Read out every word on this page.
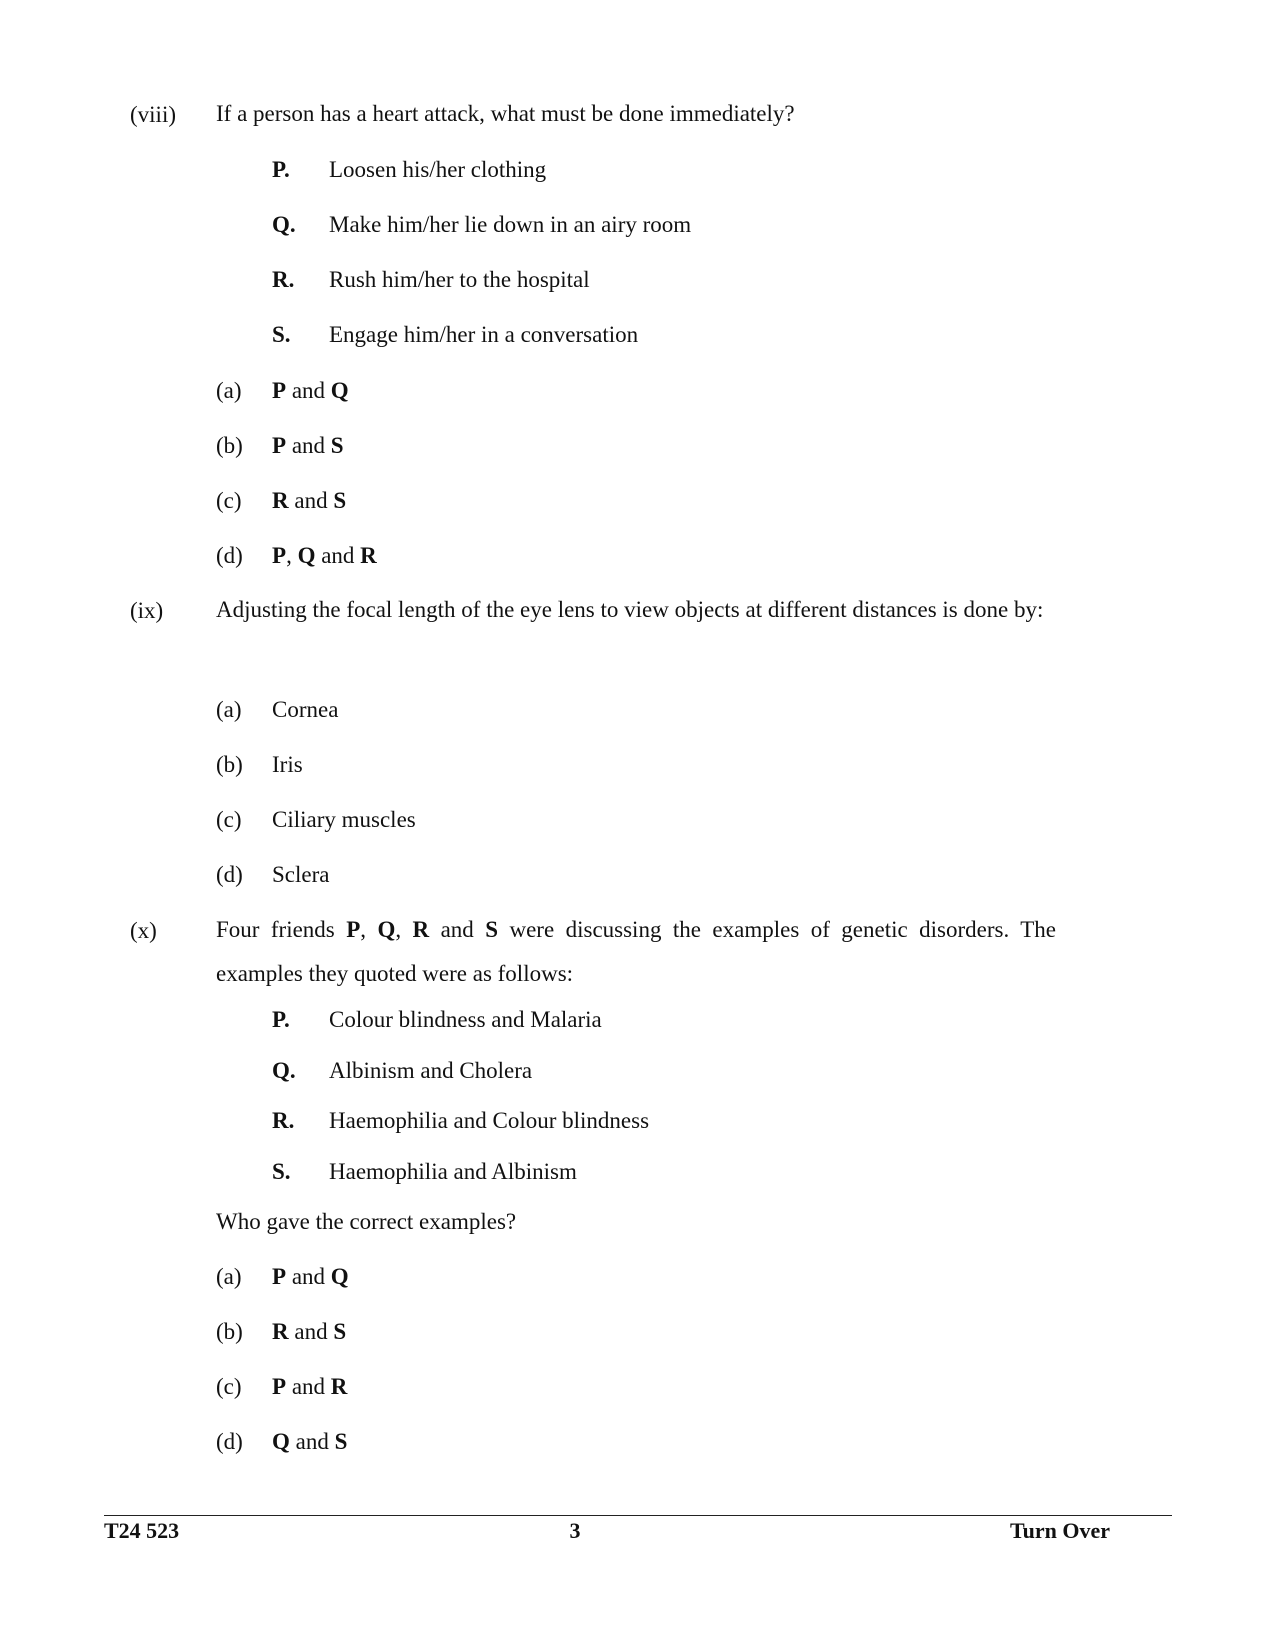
(viii) If a person has a heart attack, what must be done immediately?
P. Loosen his/her clothing
Q. Make him/her lie down in an airy room
R. Rush him/her to the hospital
S. Engage him/her in a conversation
(a) P and Q
(b) P and S
(c) R and S
(d) P, Q and R
(ix) Adjusting the focal length of the eye lens to view objects at different distances is done by:
(a) Cornea
(b) Iris
(c) Ciliary muscles
(d) Sclera
(x)	Four friends P, Q, R and S were discussing the examples of genetic disorders. The examples they quoted were as follows:
P. Colour blindness and Malaria
Q. Albinism and Cholera
R. Haemophilia and Colour blindness
S. Haemophilia and Albinism
Who gave the correct examples?
(a) P and Q
(b) R and S
(c) P and R
(d) Q and S
T24 523	3	Turn Over
